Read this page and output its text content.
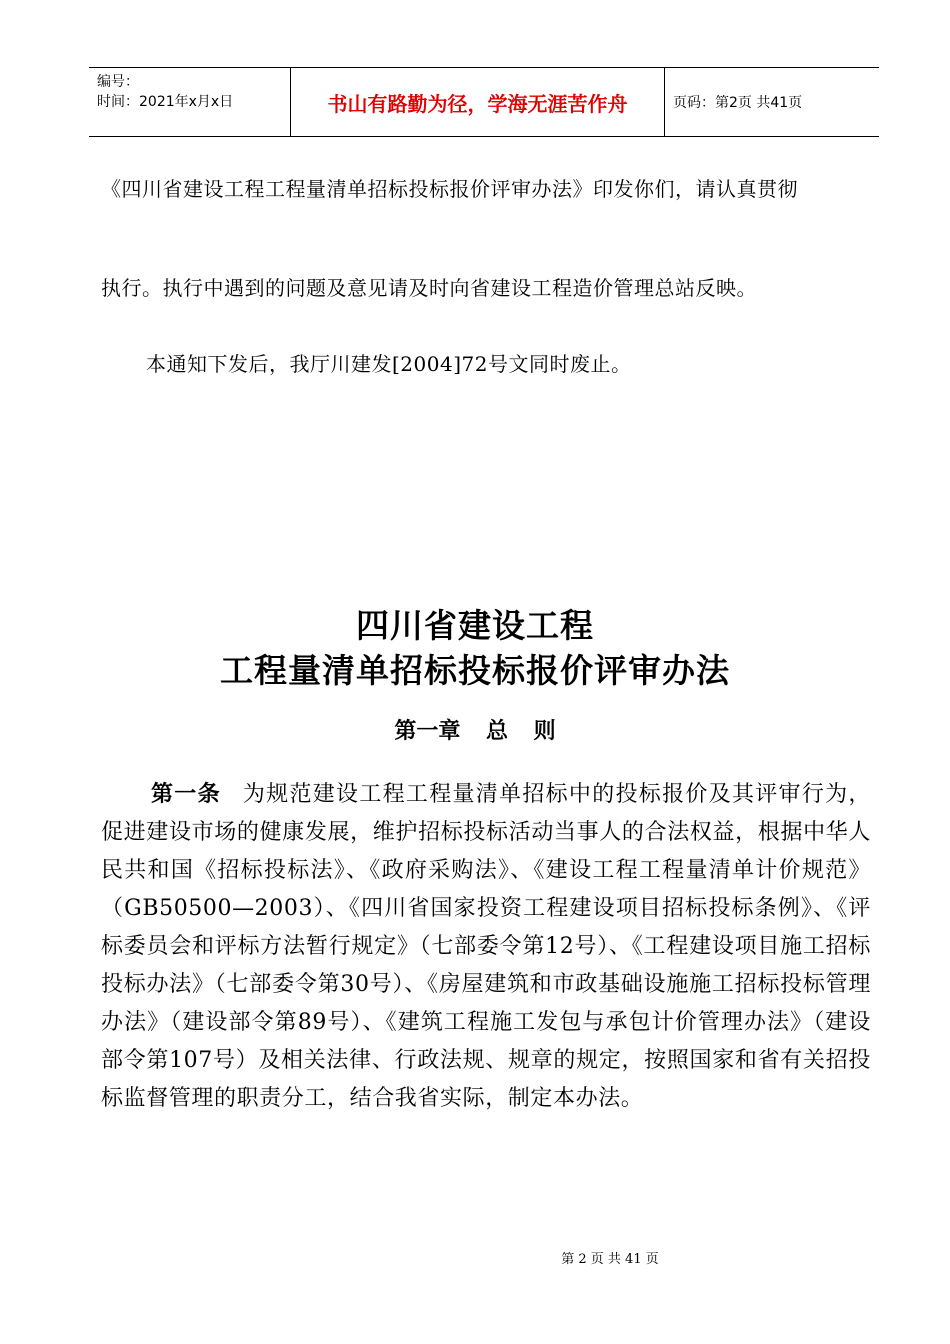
编号：
时间：2021年x月x日	书山有路勤为径，学海无涯苦作舟	页码：第2页 共41页
《四川省建设工程工程量清单招标投标报价评审办法》印发你们，请认真贯彻
执行。执行中遇到的问题及意见请及时向省建设工程造价管理总站反映。
本通知下发后，我厅川建发[2004]72号文同时废止。
四川省建设工程
工程量清单招标投标报价评审办法
第一章 总 则
第一条 为规范建设工程工程量清单招标中的投标报价及其评审行为，促进建设市场的健康发展，维护招标投标活动当事人的合法权益，根据中华人民共和国《招标投标法》、《政府采购法》、《建设工程工程量清单计价规范》（GB50500—2003）、《四川省国家投资工程建设项目招标投标条例》、《评标委员会和评标方法暂行规定》（七部委令第12号）、《工程建设项目施工招标投标办法》（七部委令第30号）、《房屋建筑和市政基础设施施工招标投标管理办法》（建设部令第89号）、《建筑工程施工发包与承包计价管理办法》（建设部令第107号）及相关法律、行政法规、规章的规定，按照国家和省有关招投标监督管理的职责分工，结合我省实际，制定本办法。
第 2 页 共 41 页
